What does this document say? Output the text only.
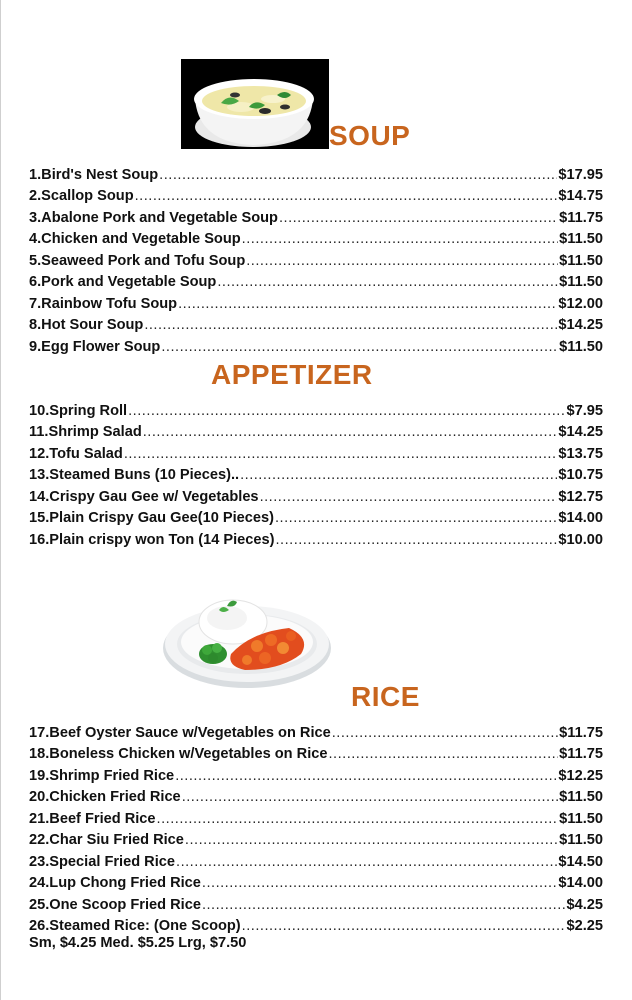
SOUP
1.Bird's Nest Soup .....	$17.95
2.Scallop Soup .....	$14.75
3.Abalone Pork and Vegetable Soup .....	$11.75
4.Chicken and Vegetable Soup .....	$11.50
5.Seaweed Pork and Tofu Soup .....	$11.50
6.Pork and Vegetable Soup .....	$11.50
7.Rainbow Tofu Soup .....	$12.00
8.Hot Sour Soup .....	$14.25
9.Egg Flower Soup .....	$11.50
APPETIZER
10.Spring Roll .....	$7.95
11.Shrimp Salad .....	$14.25
12.Tofu Salad .....	$13.75
13.Steamed Buns (10 Pieces).. .....	$10.75
14.Crispy Gau Gee w/ Vegetables .....	$12.75
15.Plain Crispy Gau Gee(10 Pieces) .....	$14.00
16.Plain crispy won Ton (14 Pieces) .....	$10.00
RICE
17.Beef Oyster Sauce w/Vegetables on Rice .....	$11.75
18.Boneless Chicken w/Vegetables on Rice .....	$11.75
19.Shrimp Fried Rice .....	$12.25
20.Chicken Fried Rice .....	$11.50
21.Beef Fried Rice .....	$11.50
22.Char Siu Fried Rice .....	$11.50
23.Special Fried Rice .....	$14.50
24.Lup Chong Fried Rice .....	$14.00
25.One Scoop Fried Rice .....	$4.25
26.Steamed Rice: (One Scoop) .....	$2.25
Sm, $4.25 Med. $5.25 Lrg, $7.50
